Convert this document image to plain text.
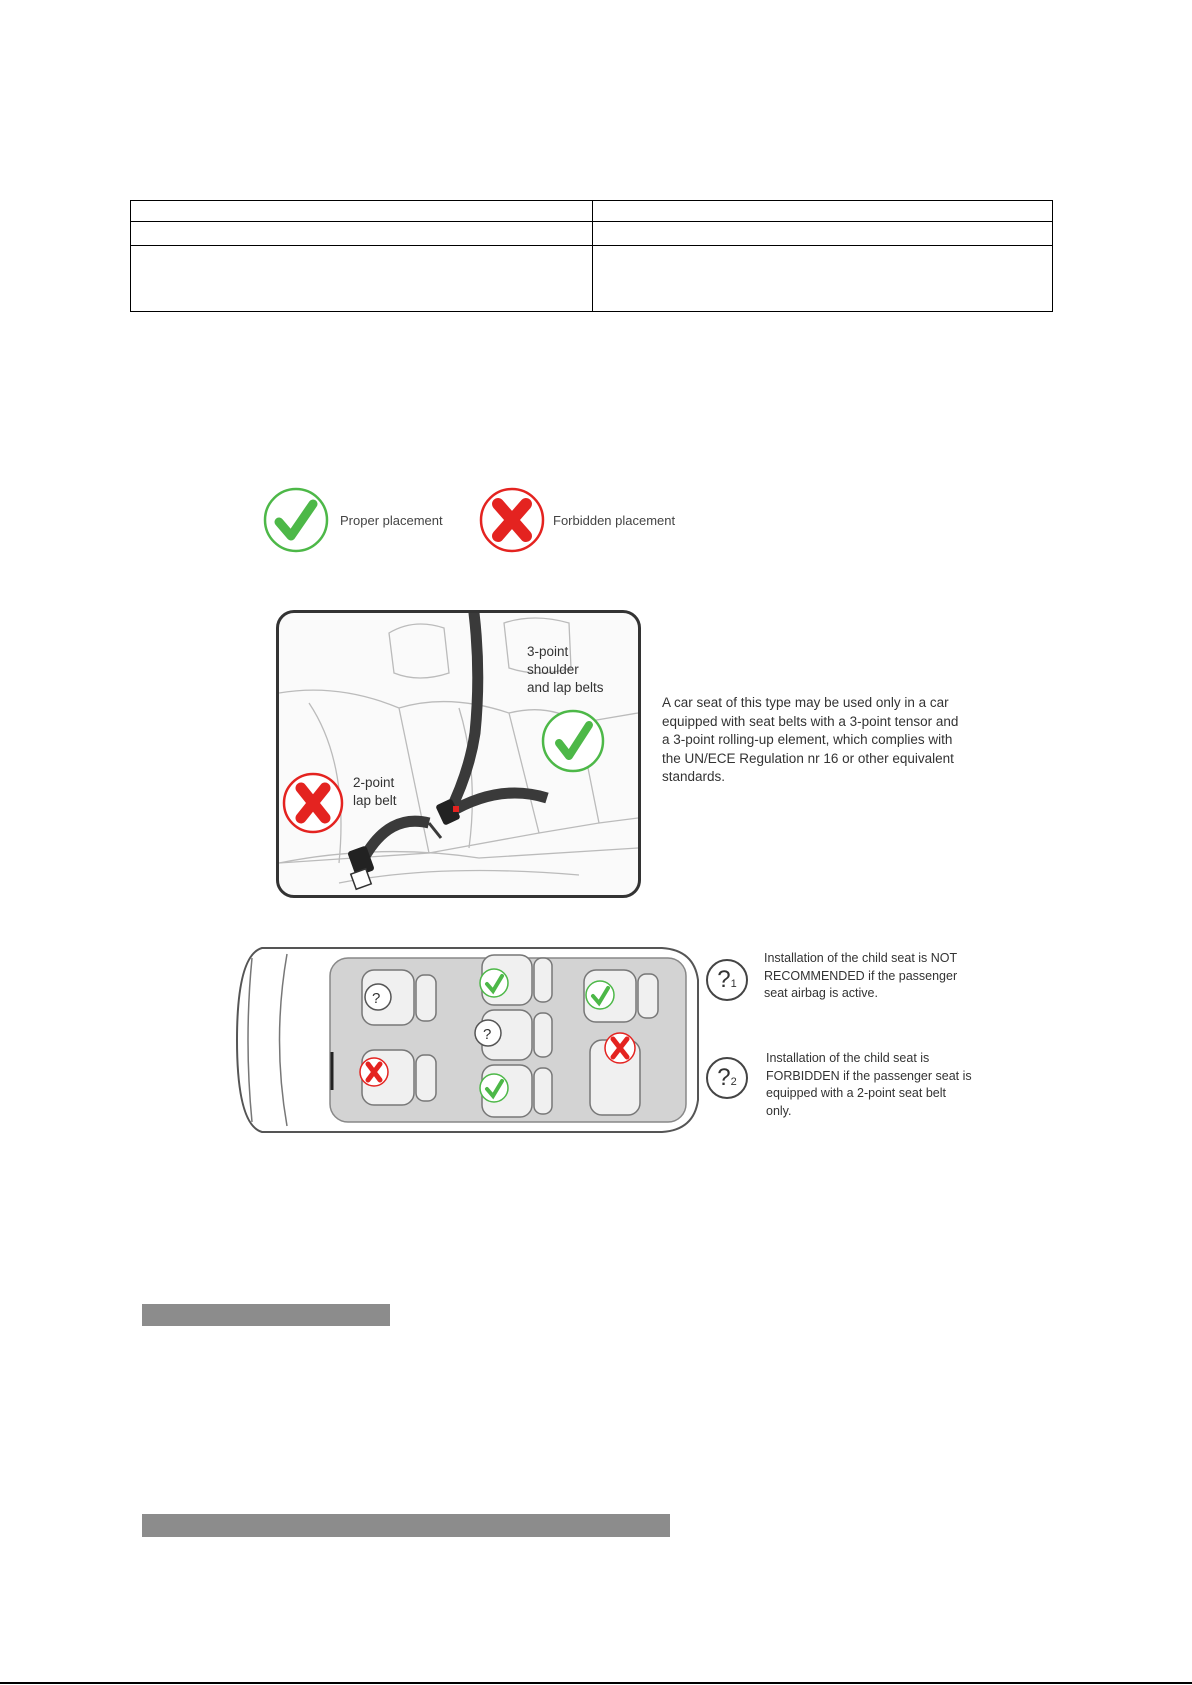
Proper placement	Forbidden placement
3-point
shoulder
and lap belts
2-point
lap belt
A car seat of this type may be used only in a car
equipped with seat belts with a 3-point tensor and
a 3-point rolling-up element, which complies with
the UN/ECE Regulation nr 16 or other equivalent
standards.
?
?
?1
Installation of the child seat is NOT
RECOMMENDED if the passenger
seat airbag is active.
?2
Installation of the child seat is
FORBIDDEN if the passenger seat is
equipped with a 2-point seat belt
only.
